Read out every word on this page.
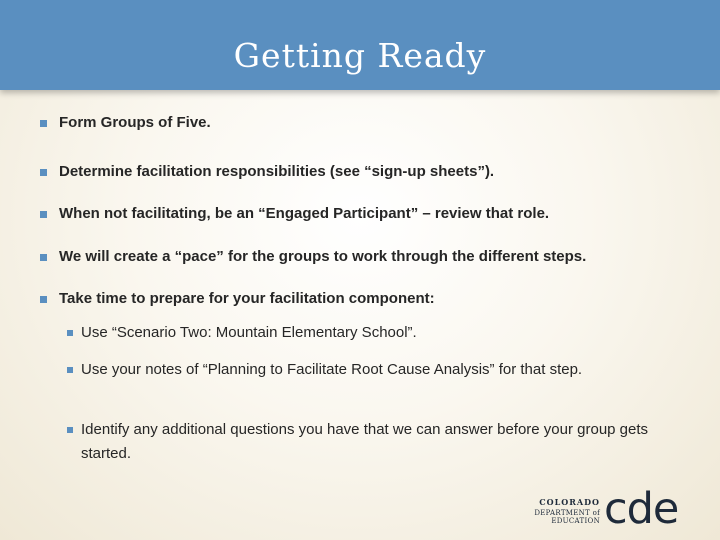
Getting Ready
Form Groups of Five.
Determine facilitation responsibilities (see “sign-up sheets”).
When not facilitating, be an “Engaged Participant” – review that role.
We will create a “pace” for the groups to work through the different steps.
Take time to prepare for your facilitation component:
Use “Scenario Two: Mountain Elementary School”.
Use your notes of “Planning to Facilitate Root Cause Analysis” for that step.
Identify any additional questions you have that we can answer before your group gets started.
COLORADO
DEPARTMENT of EDUCATION cde
